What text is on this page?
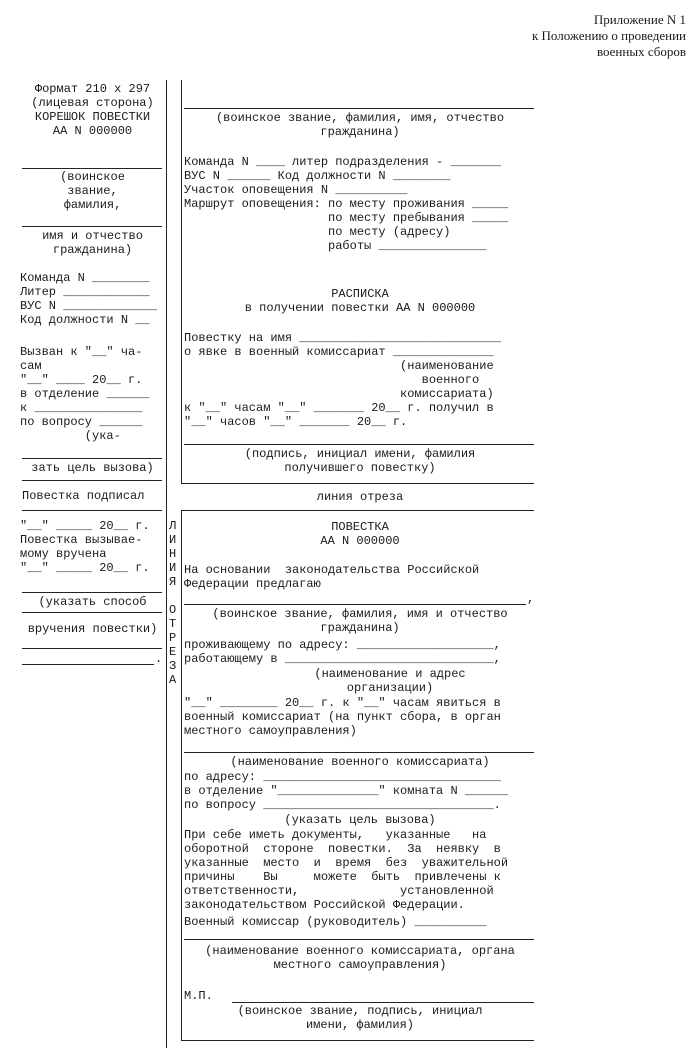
Приложение N 1
к Положению о проведении
военных сборов
Формат 210 x 297
(лицевая сторона)
КОРЕШОК ПОВЕСТКИ
АА N 000000
(воинское
звание,
фамилия,
имя и отчество
гражданина)
Команда N ________
Литер ____________
ВУС N _____________
Код должности N __
Вызван к "__" ча-
сам
"__" ____ 20__ г.
в отделение ______
к _______________
по вопросу ______
(ука-
зать цель вызова)
Повестка подписал
"__" _____ 20__ г.
Повестка вызывае-
мому вручена
"__" _____ 20__ г.
(указать способ
вручения повестки)
.
Л
И
Н
И
Я
О
Т
Р
Е
З
А
(воинское звание, фамилия, имя, отчество
гражданина)
Команда N ____ литер подразделения - _______
ВУС N ______ Код должности N ________
Участок оповещения N __________
Маршрут оповещения: по месту проживания _____
по месту пребывания _____
по месту (адресу)
работы _______________
РАСПИСКА
в получении повестки АА N 000000
Повестку на имя ____________________________
о явке в военный комиссариат ______________
(наименование
военного
комиссариата)
к "__" часам "__" _______ 20__ г. получил в
"__" часов "__" _______ 20__ г.
(подпись, инициал имени, фамилия
получившего повестку)
линия отреза
ПОВЕСТКА
АА N 000000
На основании  законодательства Российской
Федерации предлагаю
,
(воинское звание, фамилия, имя и отчество
гражданина)
проживающему по адресу: ___________________,
работающему в _____________________________,
(наименование и адрес
организации)
"__" ________ 20__ г. к "__" часам явиться в
военный комиссариат (на пункт сбора, в орган
местного самоуправления)
(наименование военного комиссариата)
по адресу: _________________________________
в отделение "______________" комната N ______
по вопросу ________________________________.
(указать цель вызова)
При себе иметь документы,   указанные   на
оборотной  стороне  повестки.  За  неявку  в
указанные  место  и  время  без  уважительной
причины    Вы     можете  быть  привлечены к
ответственности,              установленной
законодательством Российской Федерации.
Военный комиссар (руководитель) __________
(наименование военного комиссариата, органа
местного самоуправления)
М.П.
(воинское звание, подпись, инициал
имени, фамилия)
